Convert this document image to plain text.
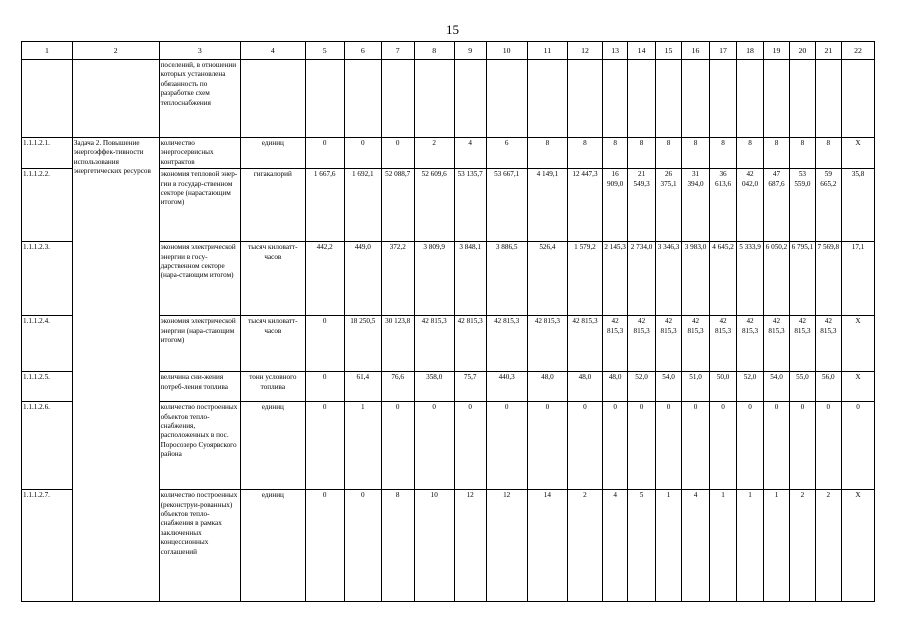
15
1	2	3	4	5	6	7	8	9	10	11	12	13	14	15	16	17	18	19	20	21	22
		поселений, в отношении которых установлена обязанность по разработке схем теплоснабжения																			
1.1.1.2.1.	Задача 2. Повышение энергоэффек-тивности использования энергетических ресурсов	количество энергосервисных контрактов	единиц	0	0	0	2	4	6	8	8	8	8	8	8	8	8	8	8	8	Х
1.1.1.2.2.		экономия тепловой энер-гии в государ-ственном секторе (нарастающим итогом)	гигакалорий	1 667,6	1 692,1	52 088,7	52 609,6	53 135,7	53 667,1	4 149,1	12 447,3	16 909,0	21 549,3	26 375,1	31 394,0	36 613,6	42 042,0	47 687,6	53 559,0	59 665,2	35,8
1.1.1.2.3.		экономия электрической энергии в госу-дарственном секторе (нара-стающим итогом)	тысяч киловатт-часов	442,2	449,0	372,2	3 809,9	3 848,1	3 886,5	526,4	1 579,2	2 145,3	2 734,0	3 346,3	3 983,0	4 645,2	5 333,9	6 050,2	6 795,1	7 569,8	17,1
1.1.1.2.4.		экономия электрической энергии (нара-стающим итогом)	тысяч киловатт-часов	0	18 250,5	30 123,8	42 815,3	42 815,3	42 815,3	42 815,3	42 815,3	42 815,3	42 815,3	42 815,3	42 815,3	42 815,3	42 815,3	42 815,3	42 815,3	42 815,3	Х
1.1.1.2.5.		величина сни-жения потреб-ления топлива	тонн условного топлива	0	61,4	76,6	358,0	75,7	440,3	48,0	48,0	48,0	52,0	54,0	51,0	50,0	52,0	54,0	55,0	56,0	Х
1.1.1.2.6.		количество построенных объектов тепло-снабжения, расположенных в пос. Поросозеро Суоярвского района	единиц	0	1	0	0	0	0	0	0	0	0	0	0	0	0	0	0	0	0
1.1.1.2.7.		количество построенных (реконструи-рованных) объектов тепло-снабжения в рамках заключенных концессионных соглашений	единиц	0	0	8	10	12	12	14	2	4	5	1	4	1	1	1	2	2	Х
